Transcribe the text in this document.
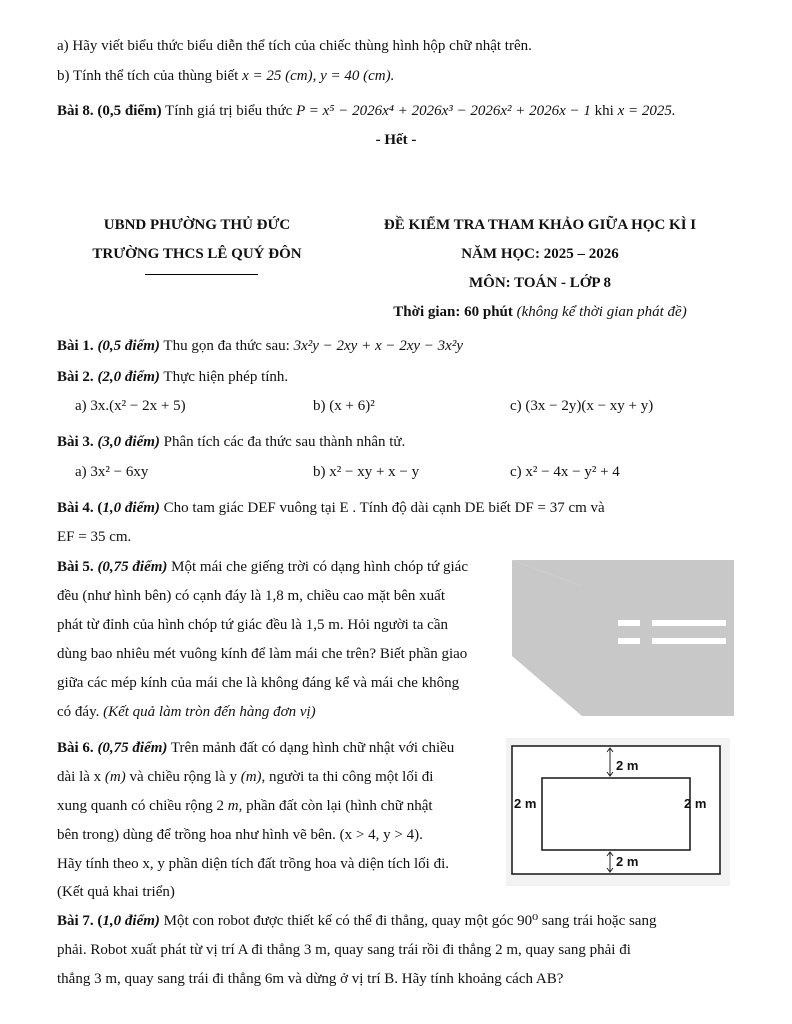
a) Hãy viết biểu thức biểu diễn thể tích của chiếc thùng hình hộp chữ nhật trên.
b) Tính thể tích của thùng biết x = 25 (cm), y = 40 (cm).
Bài 8. (0,5 điểm) Tính giá trị biểu thức P = x⁵ − 2026x⁴ + 2026x³ − 2026x² + 2026x − 1 khi x = 2025.
- Hết -
UBND PHƯỜNG THỦ ĐỨC
TRƯỜNG THCS LÊ QUÝ ĐÔN
ĐỀ KIỂM TRA THAM KHẢO GIỮA HỌC KÌ I
NĂM HỌC: 2025 – 2026
MÔN: TOÁN - LỚP 8
Thời gian: 60 phút (không kể thời gian phát đề)
Bài 1. (0,5 điểm) Thu gọn đa thức sau: 3x²y − 2xy + x − 2xy − 3x²y
Bài 2. (2,0 điểm) Thực hiện phép tính.
a) 3x.(x² − 2x + 5)	b) (x + 6)²	c) (3x − 2y)(x − xy + y)
Bài 3. (3,0 điểm) Phân tích các đa thức sau thành nhân tử.
a) 3x² − 6xy	b) x² − xy + x − y	c) x² − 4x − y² + 4
Bài 4. (1,0 điểm) Cho tam giác DEF vuông tại E . Tính độ dài cạnh DE biết DF = 37 cm và
EF = 35 cm.
Bài 5. (0,75 điểm) Một mái che giếng trời có dạng hình chóp tứ giác
đều (như hình bên) có cạnh đáy là 1,8 m, chiều cao mặt bên xuất
phát từ đỉnh của hình chóp tứ giác đều là 1,5 m. Hỏi người ta cần
dùng bao nhiêu mét vuông kính để làm mái che trên? Biết phần giao
giữa các mép kính của mái che là không đáng kể và mái che không
có đáy. (Kết quả làm tròn đến hàng đơn vị)
Bài 6. (0,75 điểm) Trên mảnh đất có dạng hình chữ nhật với chiều
dài là x (m) và chiều rộng là y (m), người ta thi công một lối đi
xung quanh có chiều rộng 2 m, phần đất còn lại (hình chữ nhật
bên trong) dùng để trồng hoa như hình vẽ bên. (x > 4, y > 4).
Hãy tính theo x, y phần diện tích đất trồng hoa và diện tích lối đi.
(Kết quả khai triển)
2 m
2 m	2 m
2 m
Bài 7. (1,0 điểm) Một con robot được thiết kế có thể đi thẳng, quay một góc 90⁰ sang trái hoặc sang
phải. Robot xuất phát từ vị trí A đi thẳng 3 m, quay sang trái rồi đi thẳng 2 m, quay sang phải đi
thẳng 3 m, quay sang trái đi thẳng 6m và dừng ở vị trí B. Hãy tính khoảng cách AB?
